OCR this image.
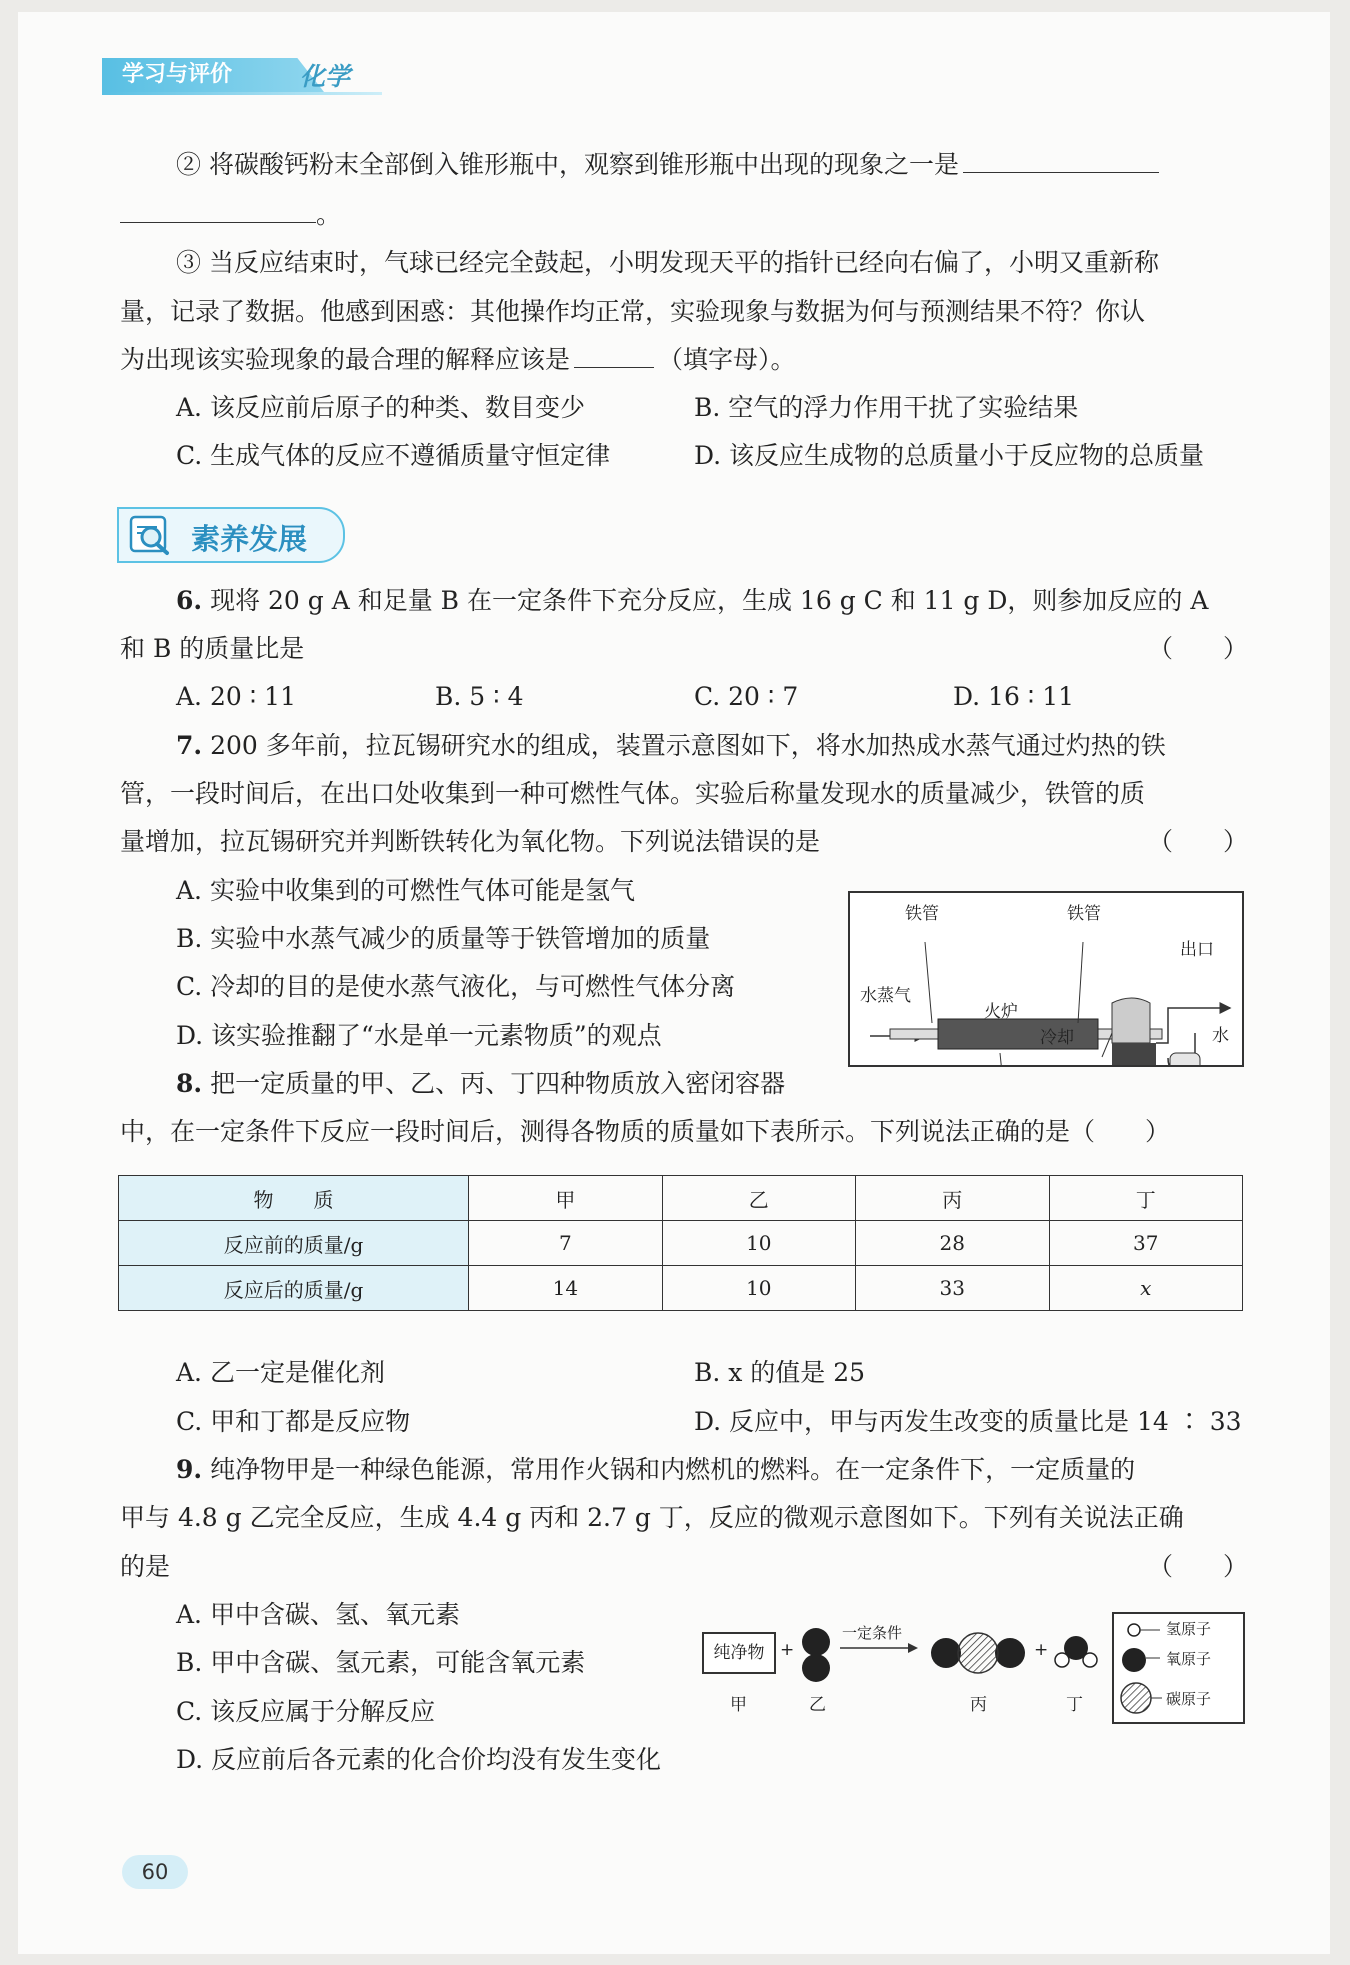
学习与评价	化学
② 将碳酸钙粉末全部倒入锥形瓶中，观察到锥形瓶中出现的现象之一是
。
③ 当反应结束时，气球已经完全鼓起，小明发现天平的指针已经向右偏了，小明又重新称
量，记录了数据。他感到困惑：其他操作均正常，实验现象与数据为何与预测结果不符？你认
为出现该实验现象的最合理的解释应该是	（填字母）。
A. 该反应前后原子的种类、数目变少	B. 空气的浮力作用干扰了实验结果
C. 生成气体的反应不遵循质量守恒定律	D. 该反应生成物的总质量小于反应物的总质量
素养发展
6. 现将 20 g A 和足量 B 在一定条件下充分反应，生成 16 g C 和 11 g D，则参加反应的 A
和 B 的质量比是	（　　）
A. 20 ∶ 11	B. 5 ∶ 4	C. 20 ∶ 7	D. 16 ∶ 11
7. 200 多年前，拉瓦锡研究水的组成，装置示意图如下，将水加热成水蒸气通过灼热的铁
管，一段时间后，在出口处收集到一种可燃性气体。实验后称量发现水的质量减少，铁管的质
量增加，拉瓦锡研究并判断铁转化为氧化物。下列说法错误的是	（　　）
A. 实验中收集到的可燃性气体可能是氢气
B. 实验中水蒸气减少的质量等于铁管增加的质量
C. 冷却的目的是使水蒸气液化，与可燃性气体分离
D. 该实验推翻了“水是单一元素物质”的观点
铁管	铁管
出口
水蒸气
火炉
冷却	水
8. 把一定质量的甲、乙、丙、丁四种物质放入密闭容器
中，在一定条件下反应一段时间后，测得各物质的质量如下表所示。下列说法正确的是（　　）
物　　质	甲	乙	丙	丁
反应前的质量/g	7	10	28	37
反应后的质量/g	14	10	33	x
A. 乙一定是催化剂	B. x 的值是 25
C. 甲和丁都是反应物	D. 反应中，甲与丙发生改变的质量比是 14 ∶ 33
9. 纯净物甲是一种绿色能源，常用作火锅和内燃机的燃料。在一定条件下，一定质量的
甲与 4.8 g 乙完全反应，生成 4.4 g 丙和 2.7 g 丁，反应的微观示意图如下。下列有关说法正确
的是	（　　）
A. 甲中含碳、氢、氧元素
B. 甲中含碳、氢元素，可能含氧元素
C. 该反应属于分解反应
D. 反应前后各元素的化合价均没有发生变化
纯净物 +
一定条件
+
甲	乙	丙	丁
氢原子
氧原子
碳原子
60
